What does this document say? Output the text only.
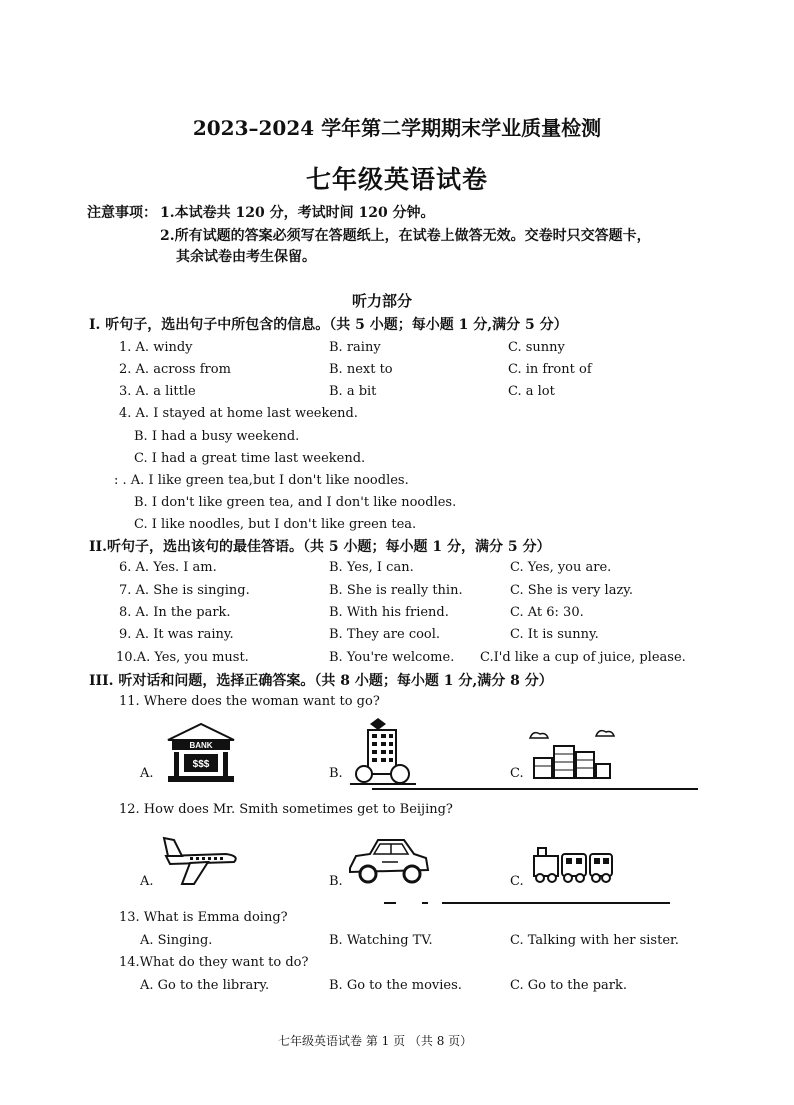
2023–2024 学年第二学期期末学业质量检测
七年级英语试卷
注意事项： 1.本试卷共 120 分，考试时间 120 分钟。
2.所有试题的答案必须写在答题纸上，在试卷上做答无效。交卷时只交答题卡，
其余试卷由考生保留。
听力部分
I. 听句子，选出句子中所包含的信息。（共 5 小题；每小题 1 分,满分 5 分）
1. A. windy	B. rainy	C. sunny
2. A. across from	B. next to	C. in front of
3. A. a little	B. a bit	C. a lot
4. A. I stayed at home last weekend.
B. I had a busy weekend.
C. I had a great time last weekend.
: . A. I like green tea,but I don't like noodles.
B. I don't like green tea, and I don't like noodles.
C. I like noodles, but I don't like green tea.
II.听句子，选出该句的最佳答语。（共 5 小题；每小题 1 分，满分 5 分）
6. A. Yes. I am.	B. Yes, I can.	C. Yes, you are.
7. A. She is singing.	B. She is really thin.	C. She is very lazy.
8. A. In the park.	B. With his friend.	C. At 6: 30.
9. A. It was rainy.	B. They are cool.	C. It is sunny.
10.A. Yes, you must.	B. You're welcome. C.I'd like a cup of juice, please.
III. 听对话和问题，选择正确答案。（共 8 小题；每小题 1 分,满分 8 分）
11. Where does the woman want to go?
A.
BANK
$$$
B.	C.
12. How does Mr. Smith sometimes get to Beijing?
A.	B.	C.
13. What is Emma doing?
A. Singing.	B. Watching TV.	C. Talking with her sister.
14.What do they want to do?
A. Go to the library.	B. Go to the movies.	C. Go to the park.
七年级英语试卷 第 1 页 （共 8 页）
